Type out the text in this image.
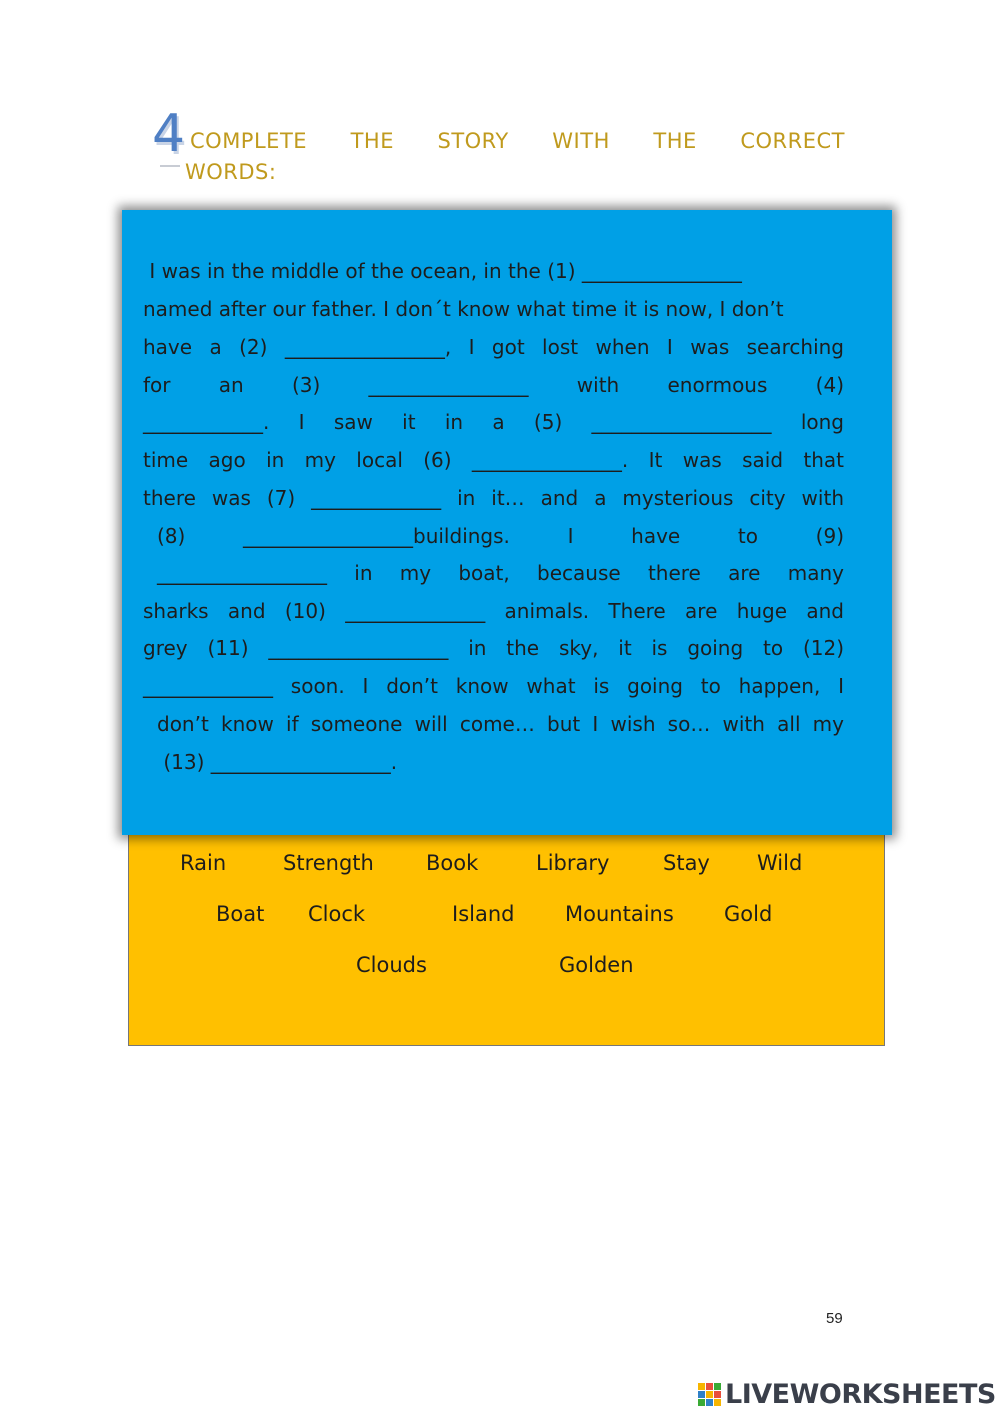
4 COMPLETE THE STORY WITH THE CORRECT
WORDS:
I was in the middle of the ocean, in the (1) ________________
named after our father. I don´t know what time it is now, I don’t
have a (2) ________________, I got lost when I was searching
for an (3) ________________ with enormous (4)
____________. I saw it in a (5) __________________ long
time ago in my local (6) _______________. It was said that
there was (7) _____________ in it… and a mysterious city with
(8) _________________buildings. I have to (9)
_________________ in my boat, because there are many
sharks and (10) ______________ animals. There are huge and
grey (11) __________________ in the sky, it is going to (12)
_____________ soon. I don’t know what is going to happen, I
don’t know if someone will come… but I wish so… with all my
(13) __________________.
Rain	Strength Book	Library	Stay Wild
Boat Clock	Island Mountains Gold
Clouds	Golden
59
LIVEWORKSHEETS
